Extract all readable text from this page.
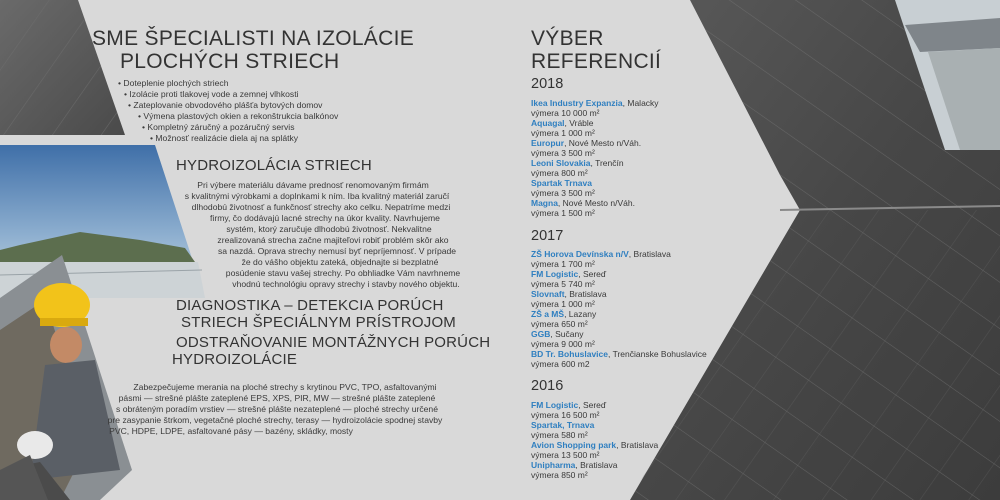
SME ŠPECIALISTI NA IZOLÁCIE
PLOCHÝCH STRIECH
• Doteplenie plochých striech
• Izolácie proti tlakovej vode a zemnej vlhkosti
• Zateplovanie obvodového plášťa bytových domov
• Výmena plastových okien a rekonštrukcia balkónov
• Kompletný záručný a pozáručný servis
• Možnosť realizácie diela aj na splátky
HYDROIZOLÁCIA STRIECH
Pri výbere materiálu dávame prednosť renomovaným firmám
s kvalitnými výrobkami a doplnkami k ním. Iba kvalitný materiál zaručí
dlhodobú životnosť a funkčnosť strechy ako celku. Nepatríme medzi
firmy, čo dodávajú lacné strechy na úkor kvality. Navrhujeme
systém, ktorý zaručuje dlhodobú životnosť. Nekvalitne
zrealizovaná strecha začne majiteľovi robiť problém skôr ako
sa nazdá. Oprava strechy nemusí byť nepríjemnosť. V prípade
že do vášho objektu zateká, objednajte si bezplatné
posúdenie stavu vašej strechy. Po obhliadke Vám navrhneme
vhodnú technológiu opravy strechy i stavby nového objektu.
DIAGNOSTIKA – DETEKCIA PORÚCH
STRIECH ŠPECIÁLNYM PRÍSTROJOM
ODSTRAŇOVANIE MONTÁŽNYCH PORÚCH
HYDROIZOLÁCIE
Zabezpečujeme merania na ploché strechy s krytinou PVC, TPO, asfaltovanými
pásmi — strešné plášte zateplené EPS, XPS, PIR, MW — strešné plášte zateplené
s obráteným poradím vrstiev — strešné plášte nezateplené — ploché strechy určené
pre zasypanie štrkom, vegetačné ploché strechy, terasy — hydroizolácie spodnej stavby
PVC, HDPE, LDPE, asfaltované pásy — bazény, skládky, mosty
VÝBER
REFERENCIÍ
2018
Ikea Industry Expanzia, Malacky
výmera 10 000 m²
Aquagal, Vráble
výmera 1 000 m²
Europur, Nové Mesto n/Váh.
výmera 3 500 m²
Leoni Slovakia, Trenčín
výmera 800 m²
Spartak Trnava
výmera 3 500 m²
Magna, Nové Mesto n/Váh.
výmera 1 500 m²
2017
ZŠ Horova Devínska n/V, Bratislava
výmera 1 700 m²
FM Logistic, Sereď
výmera 5 740 m²
Slovnaft, Bratislava
výmera 1 000 m²
ZŠ a MŠ, Lazany
výmera 650 m²
GGB, Sučany
výmera 9 000 m²
BD Tr. Bohuslavice, Trenčianske Bohuslavice
výmera 600 m2
2016
FM Logistic, Sereď
výmera 16 500 m²
Spartak, Trnava
výmera 580 m²
Avion Shopping park, Bratislava
výmera 13 500 m²
Unipharma, Bratislava
výmera 850 m²
